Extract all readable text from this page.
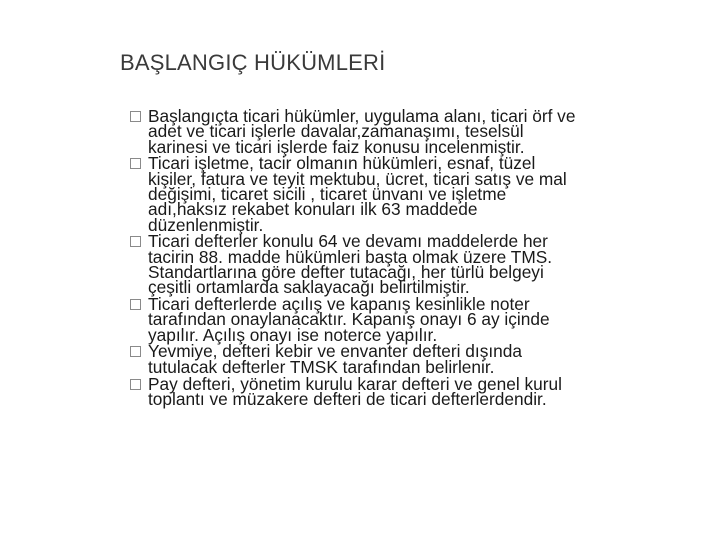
BAŞLANGIÇ HÜKÜMLERİ
Başlangıçta ticari hükümler, uygulama alanı, ticari örf ve
adet ve ticari işlerle davalar,zamanaşımı, teselsül
karinesi ve ticari işlerde faiz konusu incelenmiştir.
Ticari işletme, tacir olmanın hükümleri, esnaf, tüzel
kişiler, fatura ve teyit mektubu, ücret, ticari satış ve mal
değişimi, ticaret sicili , ticaret ünvanı ve işletme
adı,haksız rekabet konuları ilk 63 maddede
düzenlenmiştir.
Ticari defterler konulu 64 ve devamı maddelerde her
tacirin 88. madde hükümleri başta olmak üzere TMS.
Standartlarına göre defter tutacağı, her türlü belgeyi
çeşitli ortamlarda saklayacağı belirtilmiştir.
Ticari defterlerde açılış ve kapanış kesinlikle noter
tarafından onaylanacaktır. Kapanış onayı 6 ay içinde
yapılır. Açılış onayı ise noterce yapılır.
Yevmiye, defteri kebir ve envanter defteri dışında
tutulacak defterler TMSK tarafından belirlenir.
Pay defteri, yönetim kurulu karar defteri ve genel kurul
toplantı ve müzakere defteri de ticari defterlerdendir.
